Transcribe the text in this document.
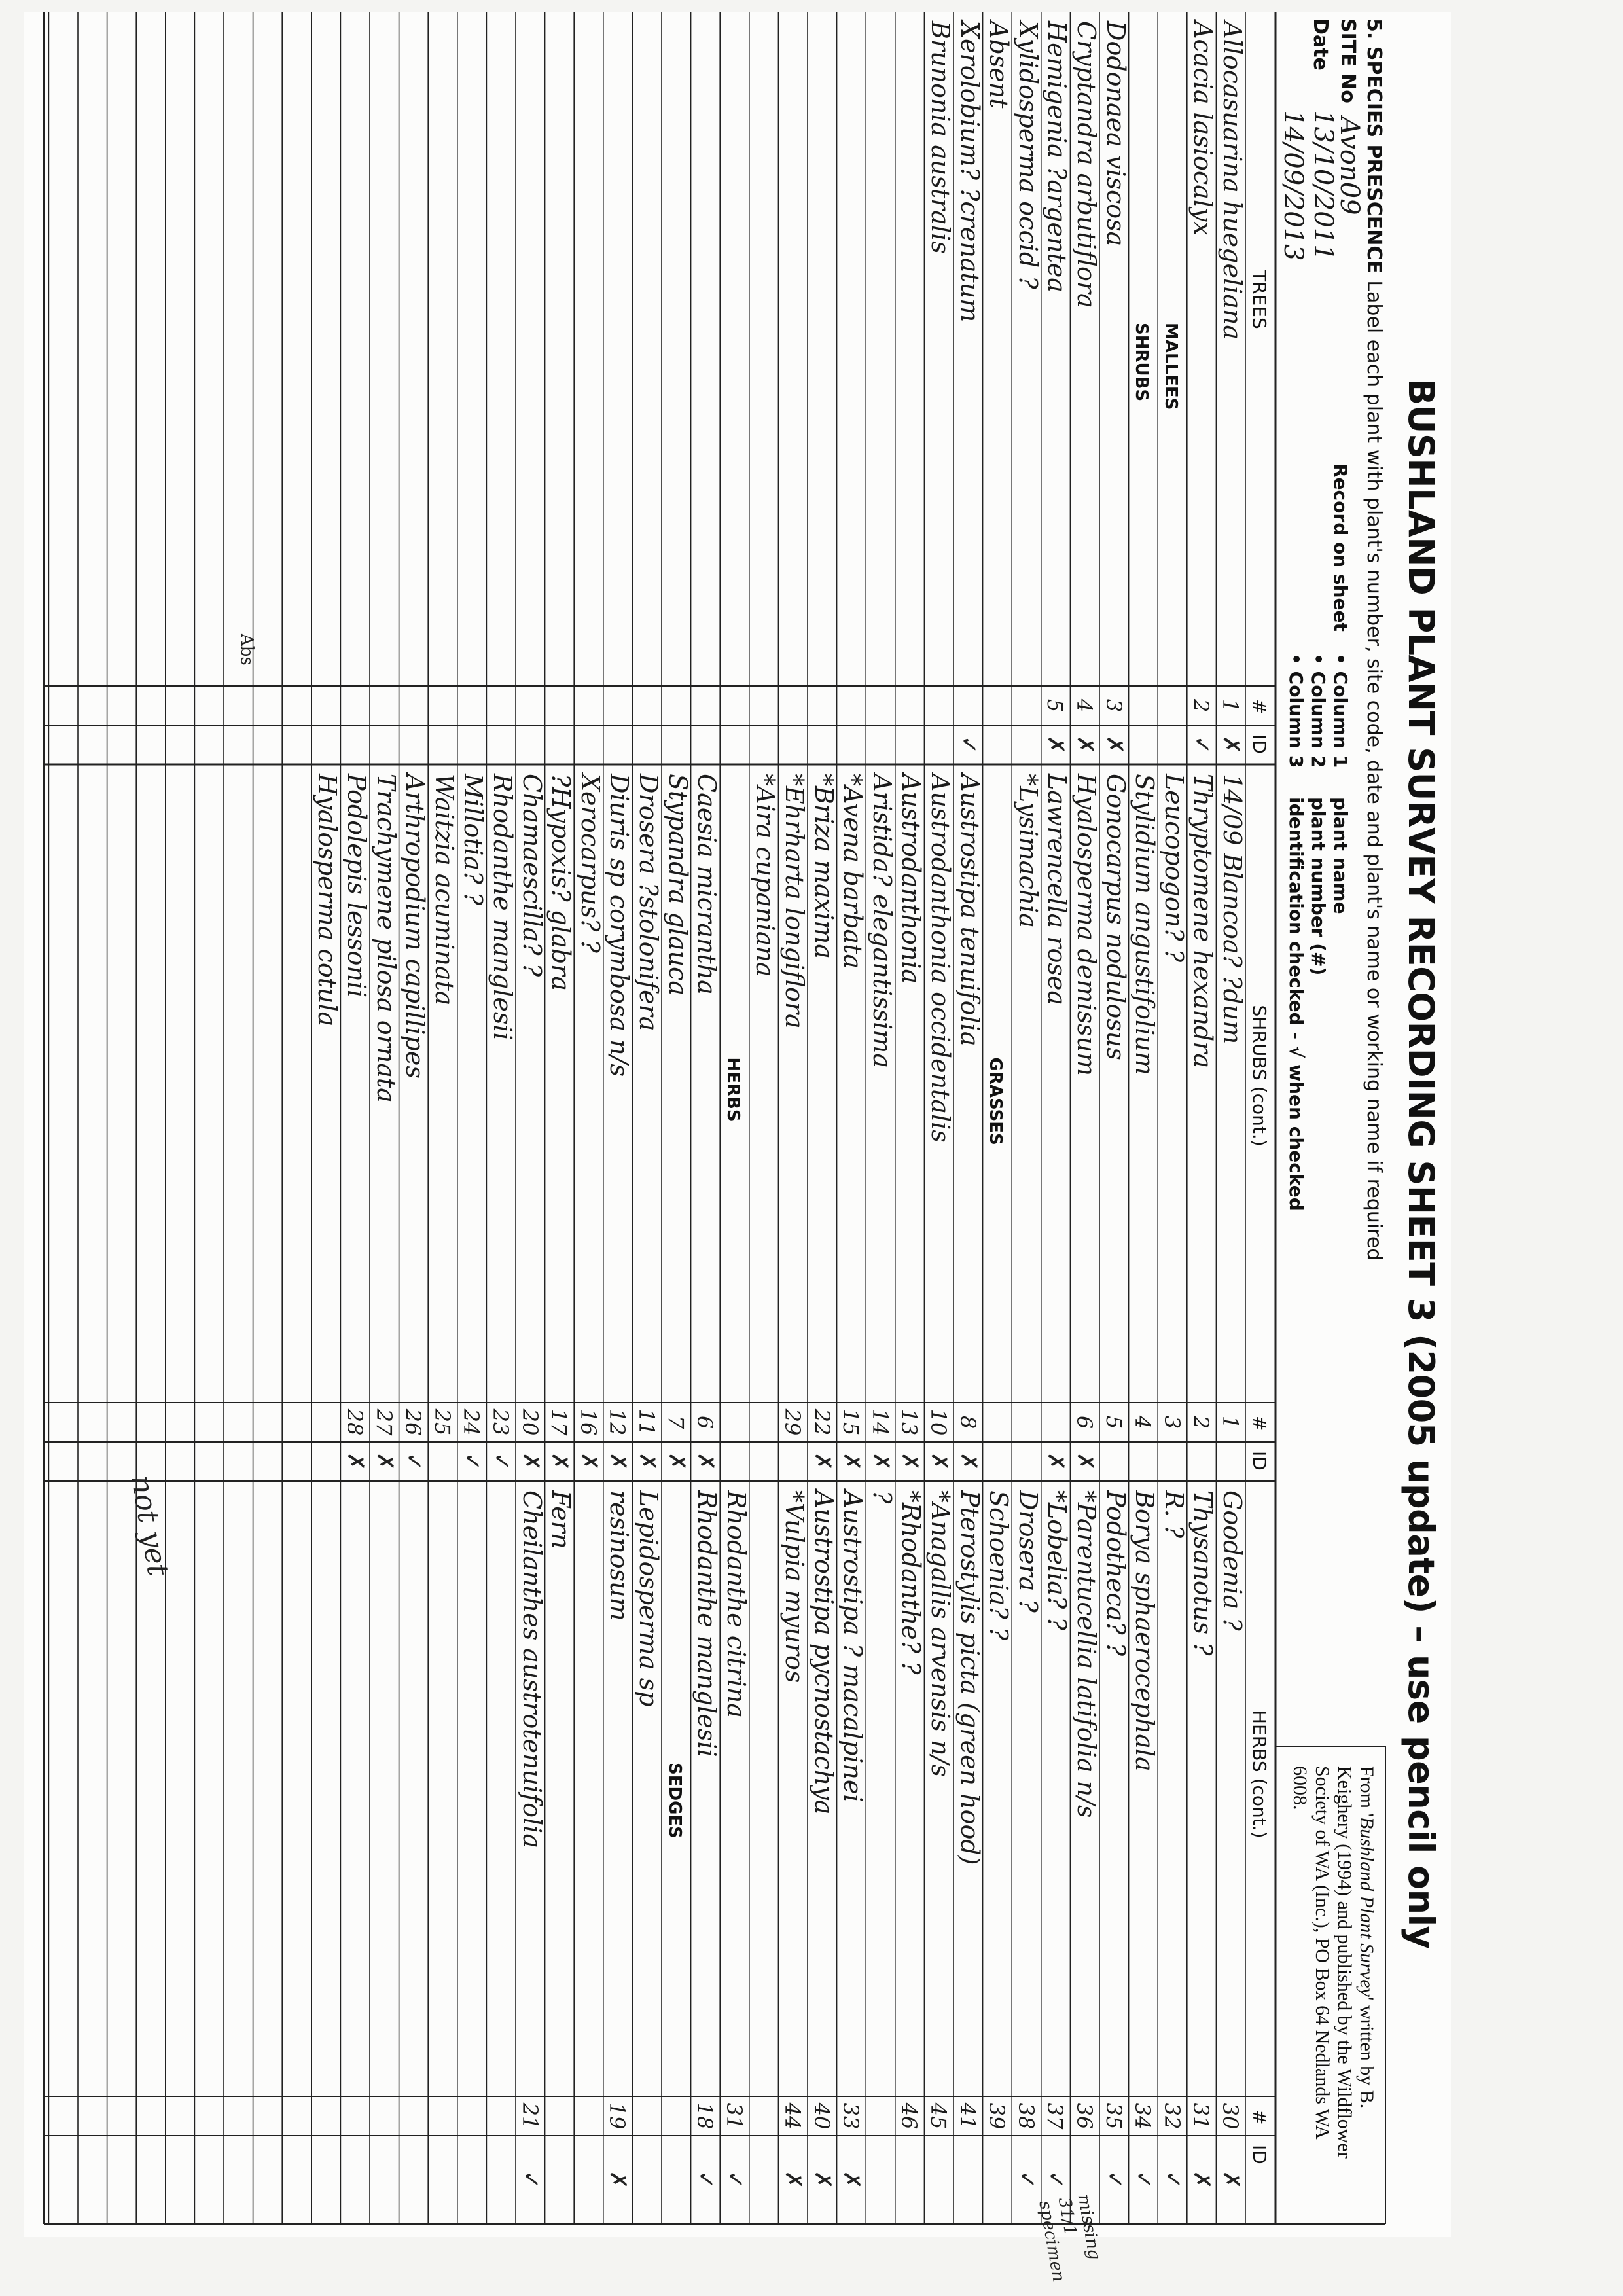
BUSHLAND PLANT SURVEY RECORDING SHEET 3 (2005 update) – use pencil only
5. SPECIES PRESCENCE Label each plant with plant's number, site code, date and plant's name or working name if required
Record on sheet
• Column 1
plant name
• Column 2
plant number (#)
• Column 3
identification checked - √ when checked
SITE No
Avon09
Date
13/10/2011
14/09/2013
From 'Bushland Plant Survey' written by B. Keighery (1994) and published by the Wildflower Society of WA (Inc.), PO Box 64 Nedlands WA 6008.
TREES
#
ID
Allocasuarina huegeliana
1
✗
Acacia lasiocalyx
2
✓
MALLEES
SHRUBS
Dodonaea viscosa
3
✗
Cryptandra arbutiflora
4
✗
Hemigenia ?argentea
5
✗
Xylidosperma occid ?
Absent
Xerolobium? ?crenatum
✓
Brunonia australis
SHRUBS (cont.)
#
ID
14/09 Blancoa? ?dum
1
Thryptomene hexandra
2
Leucopogon? ?
3
Stylidium angustifolium
4
Gonocarpus nodulosus
5
Hyalosperma demissum
6
✗
Lawrencella rosea
✗
*Lysimachia
GRASSES
Austrostipa tenuifolia
8
✗
Austrodanthonia occidentalis
10
✗
Austrodanthonia
13
✗
Aristida? elegantissima
14
✗
*Avena barbata
15
✗
*Briza maxima
22
✗
*Ehrharta longiflora
29
*Aira cupaniana
HERBS
Caesia micrantha
6
✗
Stypandra glauca
7
✗
Drosera ?stolonifera
11
✗
Diuris sp corymbosa n/s
12
✗
Xerocarpus? ?
16
✗
?Hypoxis? glabra
17
✗
Chamaescilla? ?
20
✗
Rhodanthe manglesii
23
✓
Millotia? ?
24
✓
Waitzia acuminata
25
Arthropodium capillipes
26
✓
Trachymene pilosa ornata
27
✗
Podolepis lessonii
28
✗
Hyalosperma cotula
HERBS (cont.)
#
ID
Goodenia ?
30
✗
Thysanotus ?
31
✗
R. ?
32
✓
Borya sphaerocephala
34
✓
Podotheca? ?
35
✓
*Parentucellia latifolia n/s
36
*Lobelia? ?
37
✓
Drosera ?
38
✓
Schoenia? ?
39
Pterostylis picta (green hood)
41
*Anagallis arvensis n/s
45
*Rhodanthe? ?
46
?
Austrostipa ? macalpinei
33
✗
Austrostipa pycnostachya
40
✗
*Vulpia myuros
44
✗
Rhodanthe citrina
31
✓
Rhodanthe manglesii
18
✓
SEDGES
Lepidosperma sp
resinosum
19
✗
Fern
Cheilanthes austrotenuifolia
21
✓
Abs
not yet
missing 31/1 specimen
